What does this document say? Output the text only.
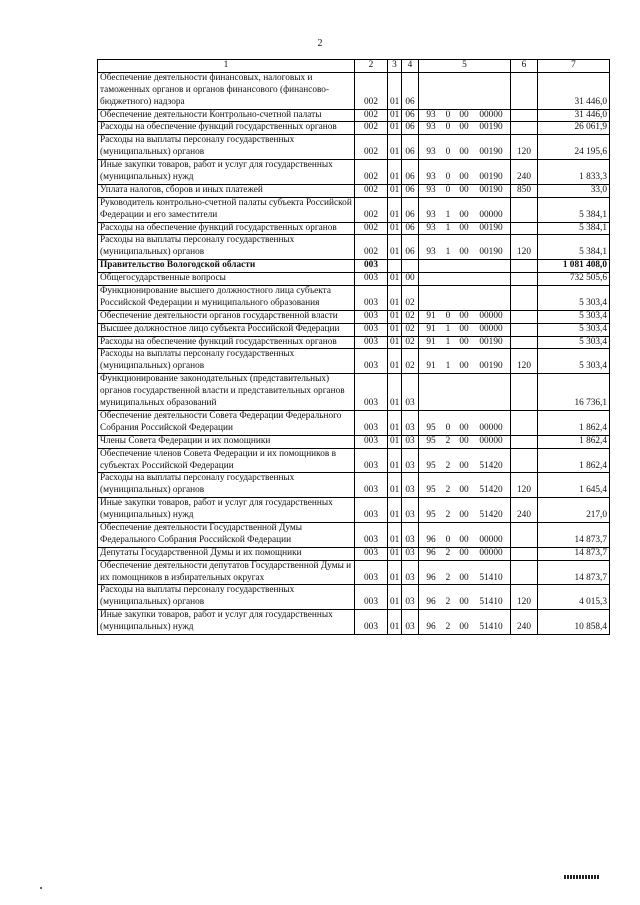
2
1	2	3	4	5	6	7
Обеспечение деятельности финансовых, налоговых и таможенных органов и органов финансового (финансово-бюджетного) надзора	002	01	06			31 446,0
Обеспечение деятельности Контрольно-счетной палаты	002	01	06	93 0 00 00000		31 446,0
Расходы на обеспечение функций государственных органов	002	01	06	93 0 00 00190		26 061,9
Расходы на выплаты персоналу государственных (муниципальных) органов	002	01	06	93 0 00 00190	120	24 195,6
Иные закупки товаров, работ и услуг для государственных (муниципальных) нужд	002	01	06	93 0 00 00190	240	1 833,3
Уплата налогов, сборов и иных платежей	002	01	06	93 0 00 00190	850	33,0
Руководитель контрольно-счетной палаты субъекта Российской Федерации и его заместители	002	01	06	93 1 00 00000		5 384,1
Расходы на обеспечение функций государственных органов	002	01	06	93 1 00 00190		5 384,1
Расходы на выплаты персоналу государственных (муниципальных) органов	002	01	06	93 1 00 00190	120	5 384,1
Правительство Вологодской области	003					1 081 408,0
Общегосударственные вопросы	003	01	00			732 505,6
Функционирование высшего должностного лица субъекта Российской Федерации и муниципального образования	003	01	02			5 303,4
Обеспечение деятельности органов государственной власти	003	01	02	91 0 00 00000		5 303,4
Высшее должностное лицо субъекта Российской Федерации	003	01	02	91 1 00 00000		5 303,4
Расходы на обеспечение функций государственных органов	003	01	02	91 1 00 00190		5 303,4
Расходы на выплаты персоналу государственных (муниципальных) органов	003	01	02	91 1 00 00190	120	5 303,4
Функционирование законодательных (представительных) органов государственной власти и представительных органов муниципальных образований	003	01	03			16 736,1
Обеспечение деятельности Совета Федерации Федерального Собрания Российской Федерации	003	01	03	95 0 00 00000		1 862,4
Члены Совета Федерации и их помощники	003	01	03	95 2 00 00000		1 862,4
Обеспечение членов Совета Федерации и их помощников в субъектах Российской Федерации	003	01	03	95 2 00 51420		1 862,4
Расходы на выплаты персоналу государственных (муниципальных) органов	003	01	03	95 2 00 51420	120	1 645,4
Иные закупки товаров, работ и услуг для государственных (муниципальных) нужд	003	01	03	95 2 00 51420	240	217,0
Обеспечение деятельности Государственной Думы Федерального Собрания Российской Федерации	003	01	03	96 0 00 00000		14 873,7
Депутаты Государственной Думы и их помощники	003	01	03	96 2 00 00000		14 873,7
Обеспечение деятельности депутатов Государственной Думы и их помощников в избирательных округах	003	01	03	96 2 00 51410		14 873,7
Расходы на выплаты персоналу государственных (муниципальных) органов	003	01	03	96 2 00 51410	120	4 015,3
Иные закупки товаров, работ и услуг для государственных (муниципальных) нужд	003	01	03	96 2 00 51410	240	10 858,4
